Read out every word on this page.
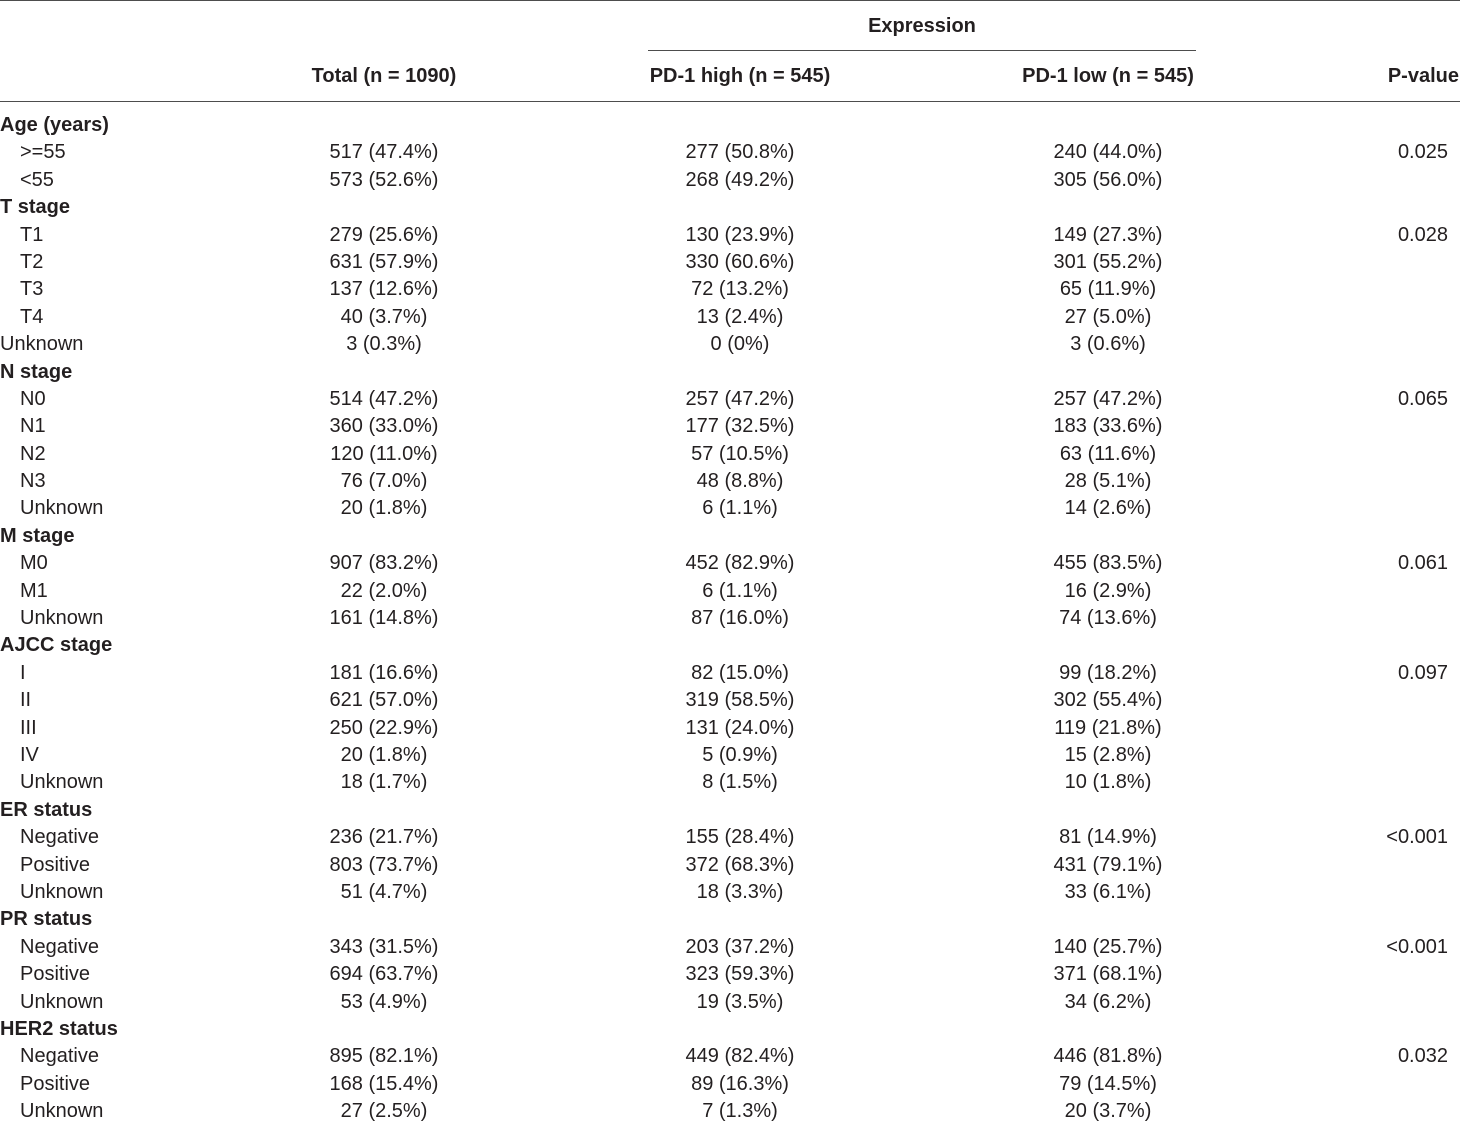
Expression
Total (n = 1090)	PD-1 high (n = 545)	PD-1 low (n = 545)	P-value
Age (years)
>=55	517 (47.4%)	277 (50.8%)	240 (44.0%)	0.025
<55	573 (52.6%)	268 (49.2%)	305 (56.0%)
T stage
T1	279 (25.6%)	130 (23.9%)	149 (27.3%)	0.028
T2	631 (57.9%)	330 (60.6%)	301 (55.2%)
T3	137 (12.6%)	72 (13.2%)	65 (11.9%)
T4	40 (3.7%)	13 (2.4%)	27 (5.0%)
Unknown	3 (0.3%)	0 (0%)	3 (0.6%)
N stage
N0	514 (47.2%)	257 (47.2%)	257 (47.2%)	0.065
N1	360 (33.0%)	177 (32.5%)	183 (33.6%)
N2	120 (11.0%)	57 (10.5%)	63 (11.6%)
N3	76 (7.0%)	48 (8.8%)	28 (5.1%)
Unknown	20 (1.8%)	6 (1.1%)	14 (2.6%)
M stage
M0	907 (83.2%)	452 (82.9%)	455 (83.5%)	0.061
M1	22 (2.0%)	6 (1.1%)	16 (2.9%)
Unknown	161 (14.8%)	87 (16.0%)	74 (13.6%)
AJCC stage
I	181 (16.6%)	82 (15.0%)	99 (18.2%)	0.097
II	621 (57.0%)	319 (58.5%)	302 (55.4%)
III	250 (22.9%)	131 (24.0%)	119 (21.8%)
IV	20 (1.8%)	5 (0.9%)	15 (2.8%)
Unknown	18 (1.7%)	8 (1.5%)	10 (1.8%)
ER status
Negative	236 (21.7%)	155 (28.4%)	81 (14.9%)	<0.001
Positive	803 (73.7%)	372 (68.3%)	431 (79.1%)
Unknown	51 (4.7%)	18 (3.3%)	33 (6.1%)
PR status
Negative	343 (31.5%)	203 (37.2%)	140 (25.7%)	<0.001
Positive	694 (63.7%)	323 (59.3%)	371 (68.1%)
Unknown	53 (4.9%)	19 (3.5%)	34 (6.2%)
HER2 status
Negative	895 (82.1%)	449 (82.4%)	446 (81.8%)	0.032
Positive	168 (15.4%)	89 (16.3%)	79 (14.5%)
Unknown	27 (2.5%)	7 (1.3%)	20 (3.7%)
